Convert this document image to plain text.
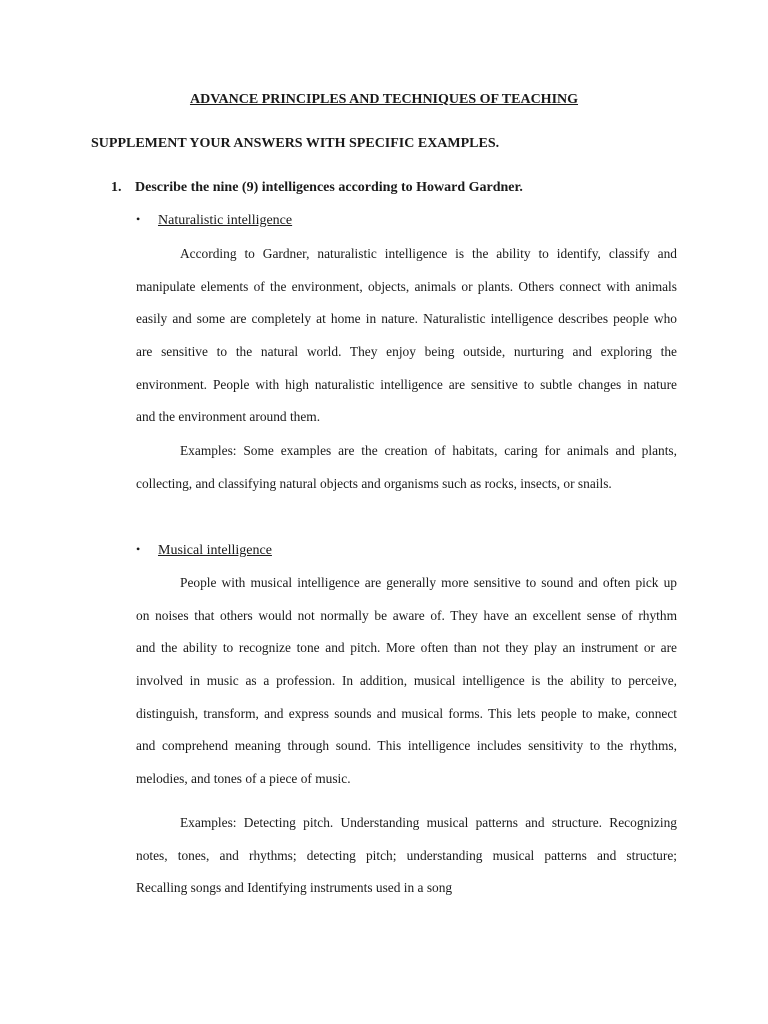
ADVANCE PRINCIPLES AND TECHNIQUES OF TEACHING
SUPPLEMENT YOUR ANSWERS WITH SPECIFIC EXAMPLES.
1. Describe the nine (9) intelligences according to Howard Gardner.
• Naturalistic intelligence
According to Gardner, naturalistic intelligence is the ability to identify, classify and
manipulate elements of the environment, objects, animals or plants. Others connect with animals
easily and some are completely at home in nature. Naturalistic intelligence describes people who
are sensitive to the natural world. They enjoy being outside, nurturing and exploring the
environment. People with high naturalistic intelligence are sensitive to subtle changes in nature
and the environment around them.
Examples: Some examples are the creation of habitats, caring for animals and plants,
collecting, and classifying natural objects and organisms such as rocks, insects, or snails.
• Musical intelligence
People with musical intelligence are generally more sensitive to sound and often pick up
on noises that others would not normally be aware of. They have an excellent sense of rhythm
and the ability to recognize tone and pitch. More often than not they play an instrument or are
involved in music as a profession. In addition, musical intelligence is the ability to perceive,
distinguish, transform, and express sounds and musical forms. This lets people to make, connect
and comprehend meaning through sound. This intelligence includes sensitivity to the rhythms,
melodies, and tones of a piece of music.
Examples: Detecting pitch. Understanding musical patterns and structure. Recognizing
notes, tones, and rhythms; detecting pitch; understanding musical patterns and structure;
Recalling songs and Identifying instruments used in a song
